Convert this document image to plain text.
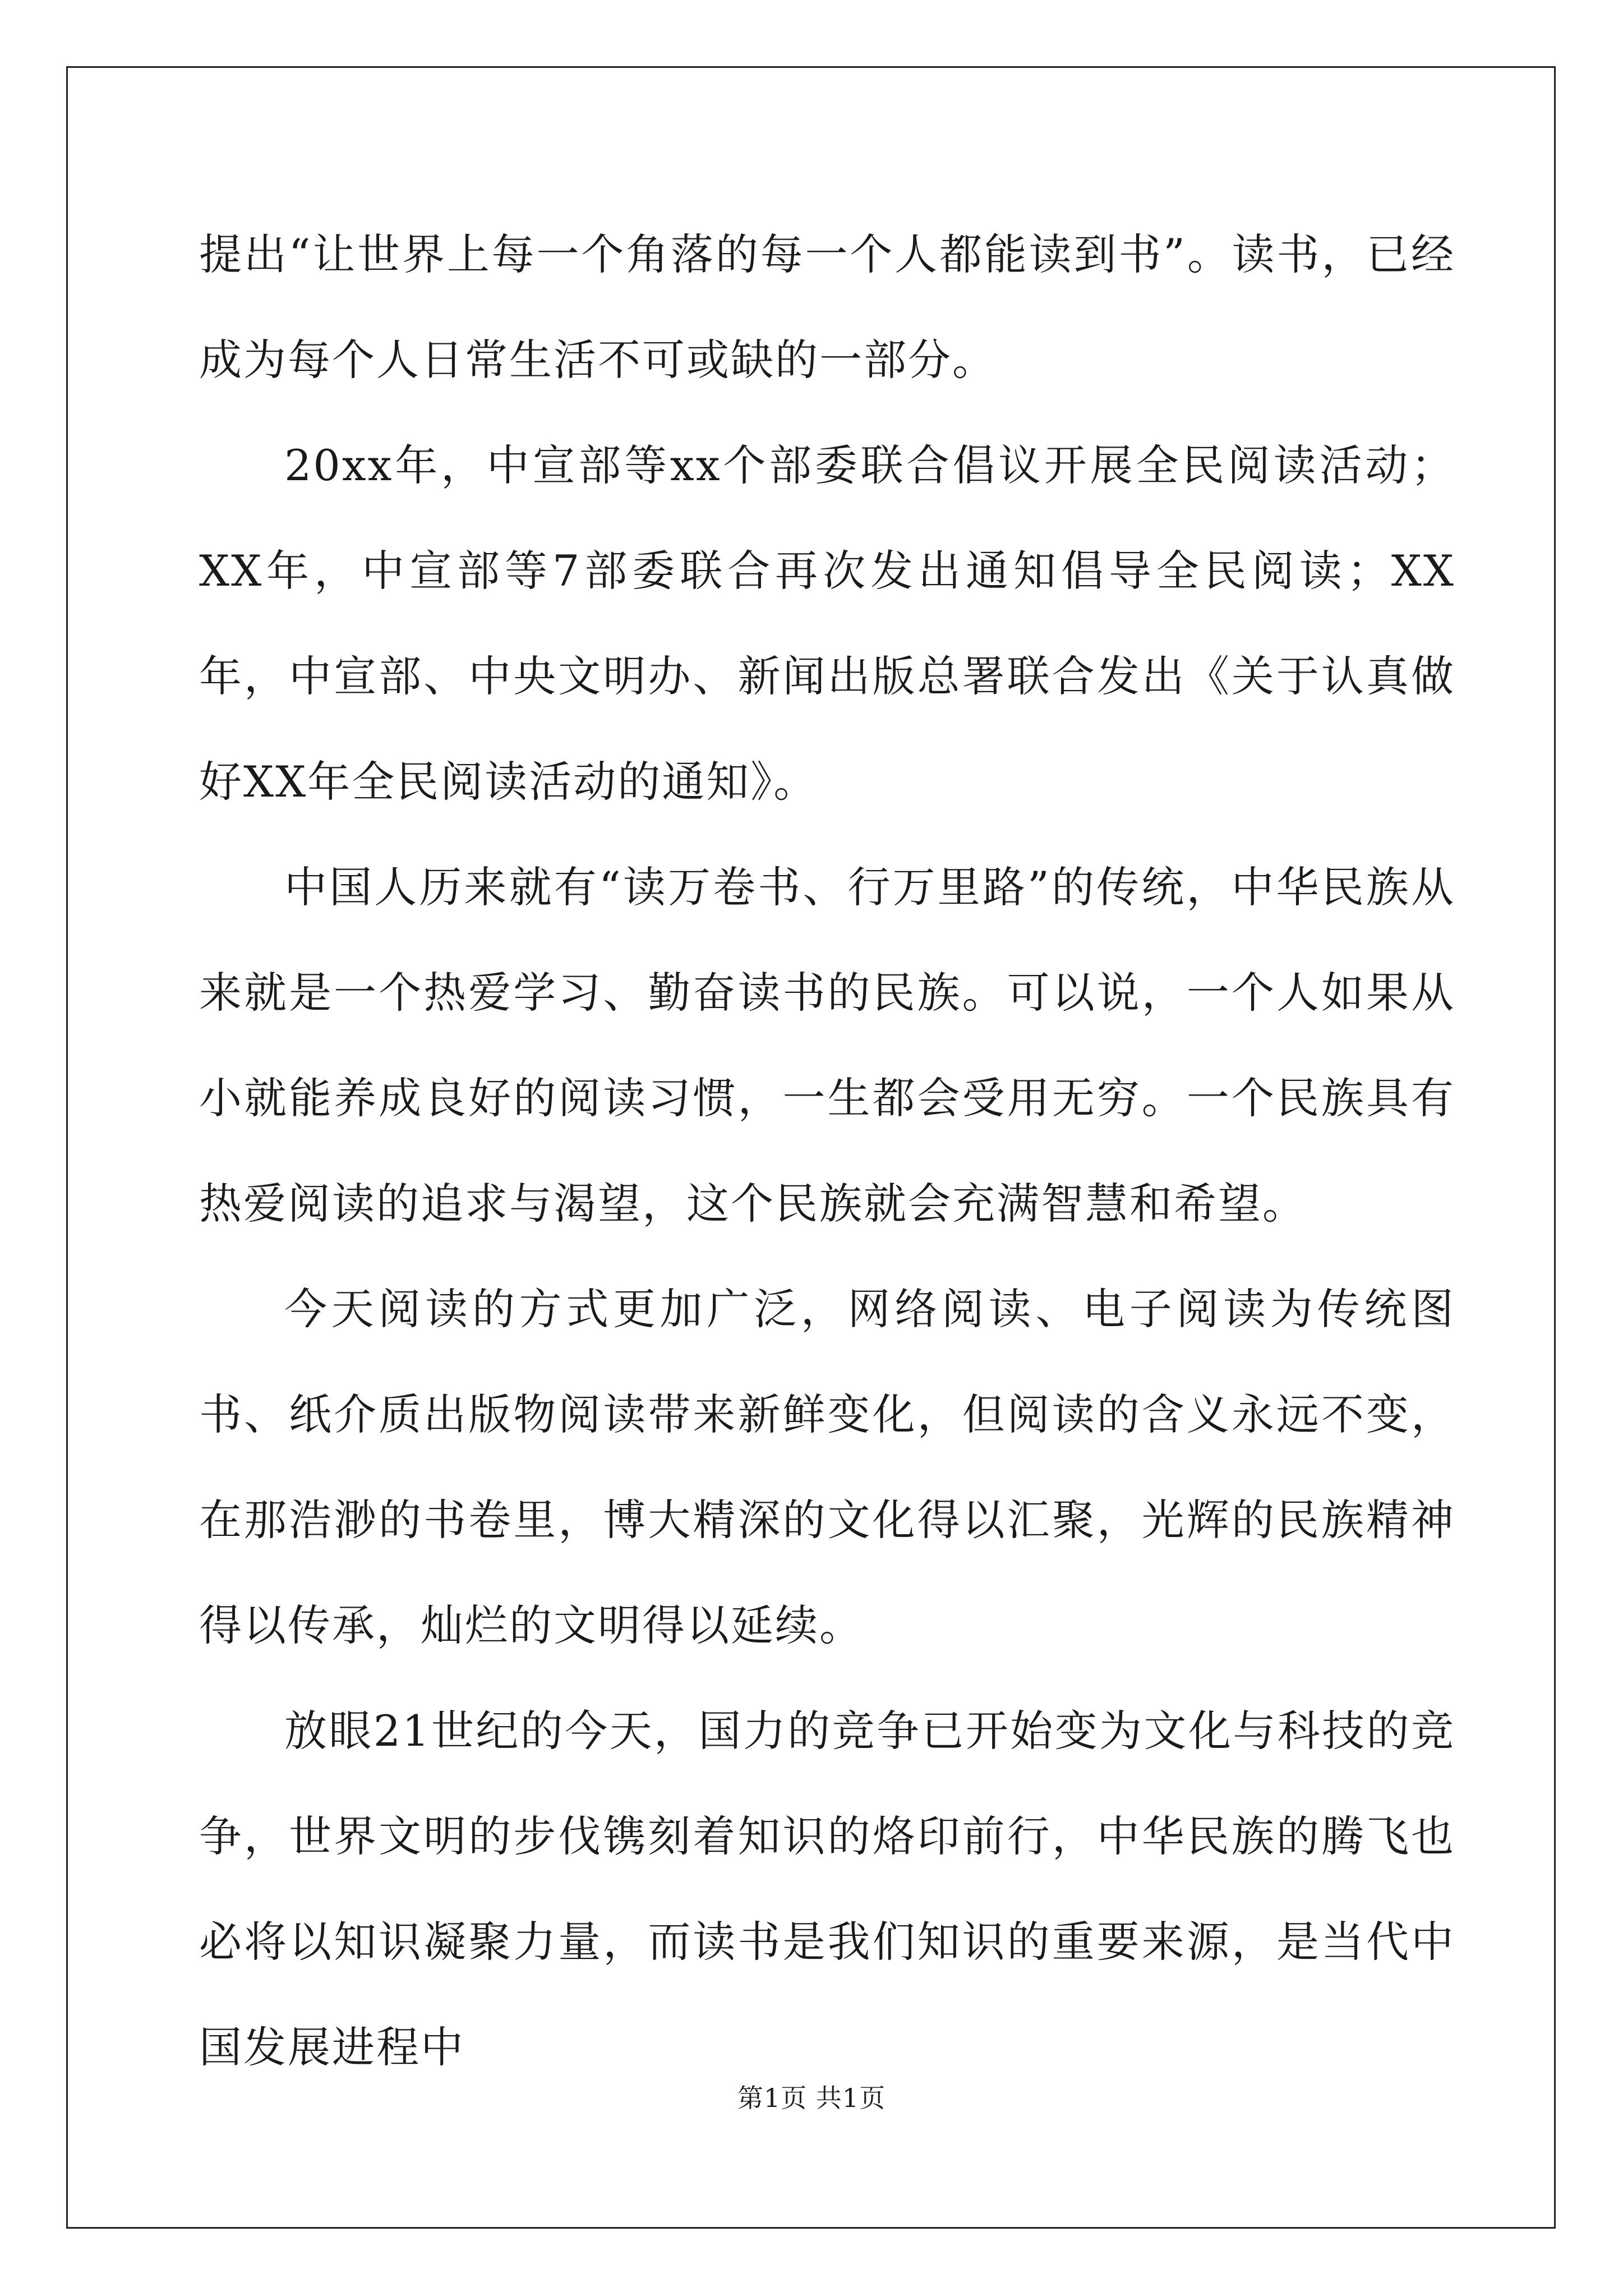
提出“让世界上每一个角落的每一个人都能读到书”。读书，已经成为每个人日常生活不可或缺的一部分。

20xx年，中宣部等xx个部委联合倡议开展全民阅读活动；XX年，中宣部等7部委联合再次发出通知倡导全民阅读；XX年，中宣部、中央文明办、新闻出版总署联合发出《关于认真做好XX年全民阅读活动的通知》。

中国人历来就有“读万卷书、行万里路”的传统，中华民族从来就是一个热爱学习、勤奋读书的民族。可以说，一个人如果从小就能养成良好的阅读习惯，一生都会受用无穷。一个民族具有热爱阅读的追求与渴望，这个民族就会充满智慧和希望。

今天阅读的方式更加广泛，网络阅读、电子阅读为传统图书、纸介质出版物阅读带来新鲜变化，但阅读的含义永远不变，在那浩渺的书卷里，博大精深的文化得以汇聚，光辉的民族精神得以传承，灿烂的文明得以延续。

放眼21世纪的今天，国力的竞争已开始变为文化与科技的竞争，世界文明的步伐镌刻着知识的烙印前行，中华民族的腾飞也必将以知识凝聚力量，而读书是我们知识的重要来源，是当代中国发展进程中

第1页 共1页
